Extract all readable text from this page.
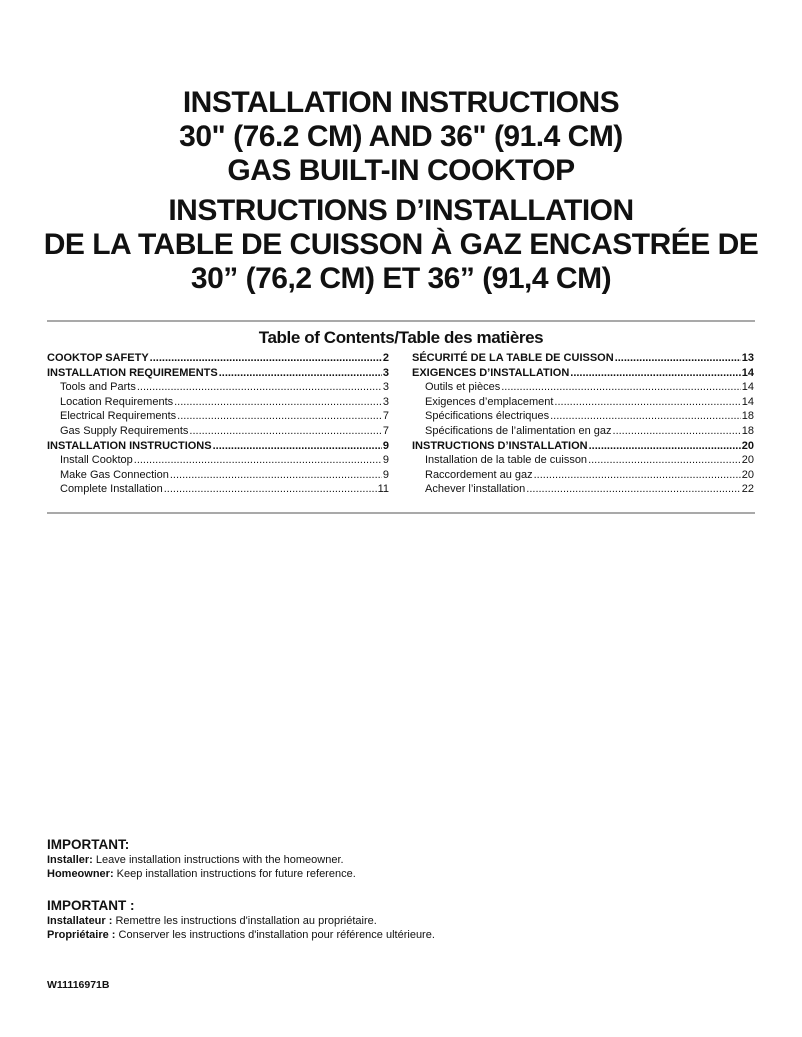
INSTALLATION INSTRUCTIONS
30" (76.2 CM) AND 36" (91.4 CM)
GAS BUILT-IN COOKTOP
INSTRUCTIONS D’INSTALLATION
DE LA TABLE DE CUISSON À GAZ ENCASTRÉE DE
30” (76,2 CM) ET 36” (91,4 CM)
Table of Contents/Table des matières
COOKTOP SAFETY .....	2
INSTALLATION REQUIREMENTS .....	3
Tools and Parts .....	3
Location Requirements .....	3
Electrical Requirements .....	7
Gas Supply Requirements .....	7
INSTALLATION INSTRUCTIONS .....	9
Install Cooktop .....	9
Make Gas Connection .....	9
Complete Installation .....	11
SÉCURITÉ DE LA TABLE DE CUISSON .....	13
EXIGENCES D’INSTALLATION .....	14
Outils et pièces .....	14
Exigences d’emplacement .....	14
Spécifications électriques .....	18
Spécifications de l’alimentation en gaz .....	18
INSTRUCTIONS D’INSTALLATION .....	20
Installation de la table de cuisson .....	20
Raccordement au gaz .....	20
Achever l’installation .....	22
IMPORTANT:
Installer: Leave installation instructions with the homeowner.
Homeowner: Keep installation instructions for future reference.
IMPORTANT :
Installateur : Remettre les instructions d'installation au propriétaire.
Propriétaire : Conserver les instructions d'installation pour référence ultérieure.
W11116971B
